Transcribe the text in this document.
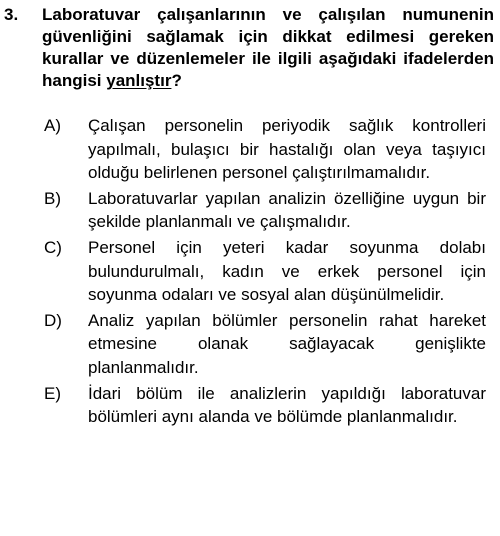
3.	Laboratuvar çalışanlarının ve çalışılan numunenin güvenliğini sağlamak için dikkat edilmesi gereken kurallar ve düzenlemeler ile ilgili aşağıdaki ifadelerden hangisi yanlıştır?
A)	Çalışan personelin periyodik sağlık kontrolleri yapılmalı, bulaşıcı bir hastalığı olan veya taşıyıcı olduğu belirlenen personel çalıştırılmamalıdır.
B)	Laboratuvarlar yapılan analizin özelliğine uygun bir şekilde planlanmalı ve çalışmalıdır.
C)	Personel için yeteri kadar soyunma dolabı bulundurulmalı, kadın ve erkek personel için soyunma odaları ve sosyal alan düşünülmelidir.
D)	Analiz yapılan bölümler personelin rahat hareket etmesine olanak sağlayacak genişlikte planlanmalıdır.
E)	İdari bölüm ile analizlerin yapıldığı laboratuvar bölümleri aynı alanda ve bölümde planlanmalıdır.
